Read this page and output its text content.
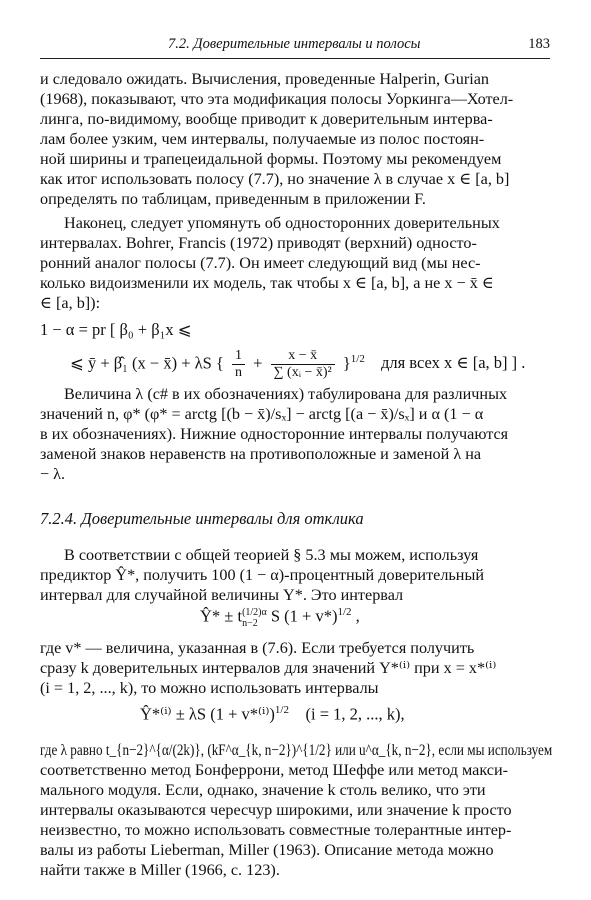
7.2. Доверительные интервалы и полосы	183
и следовало ожидать. Вычисления, проведенные Halperin, Gurian
(1968), показывают, что эта модификация полосы Уоркинга—Хотел-
линга, по-видимому, вообще приводит к доверительным интерва-
лам более узким, чем интервалы, получаемые из полос постоян-
ной ширины и трапецеидальной формы. Поэтому мы рекомендуем
как итог использовать полосу (7.7), но значение λ в случае x ∈ [a, b]
определять по таблицам, приведенным в приложении F.
Наконец, следует упомянуть об односторонних доверительных
интервалах. Bohrer, Francis (1972) приводят (верхний) односто-
ронний аналог полосы (7.7). Он имеет следующий вид (мы нес-
колько видоизменили их модель, так чтобы x ∈ [a, b], а не x − x̄ ∈
∈ [a, b]):
1 − α = pr [ β₀ + β₁x ⩽
⩽ ȳ + β̂₁ (x − x̄) + λS { $\frac{1}{n} + \frac{x - x̄}{\text{∑ (xᵢ − x̄)²}} \}^{1/2}$ для всех x ∈ [a, b] ] .
Величина λ (c# в их обозначениях) табулирована для различных
значений n, φ* (φ* = arctg [(b − x̄)/sₓ] − arctg [(a − x̄)/sₓ] и α (1 − α
в их обозначениях). Нижние односторонние интервалы получаются
заменой знаков неравенств на противоположные и заменой λ на
− λ.
7.2.4. Доверительные интервалы для отклика
В соответствии с общей теорией § 5.3 мы можем, используя
предиктор Ŷ*, получить 100 (1 − α)-процентный доверительный
интервал для случайной величины Y*. Это интервал
Ŷ* ± t (1/2)α
n−2 S $(1 + v*)^{1/2}$ ,
где v* — величина, указанная в (7.6). Если требуется получить
сразу k доверительных интервалов для значений Y*⁽ⁱ⁾ при x = x*⁽ⁱ⁾
(i = 1, 2, ..., k), то можно использовать интервалы
Ŷ*⁽ⁱ⁾ ± λS $(1 + v*^{(i)})^{1/2}$    (i = 1, 2, ..., k),
где λ равно t_{n−2}^{α/(2k)}, (kF^α_{k, n−2})^{1/2} или u^α_{k, n−2}, если мы используем
соответственно метод Бонферрони, метод Шеффе или метод макси-
мального модуля. Если, однако, значение k столь велико, что эти
интервалы оказываются чересчур широкими, или значение k просто
неизвестно, то можно использовать совместные толерантные интер-
валы из работы Lieberman, Miller (1963). Описание метода можно
найти также в Miller (1966, с. 123).
